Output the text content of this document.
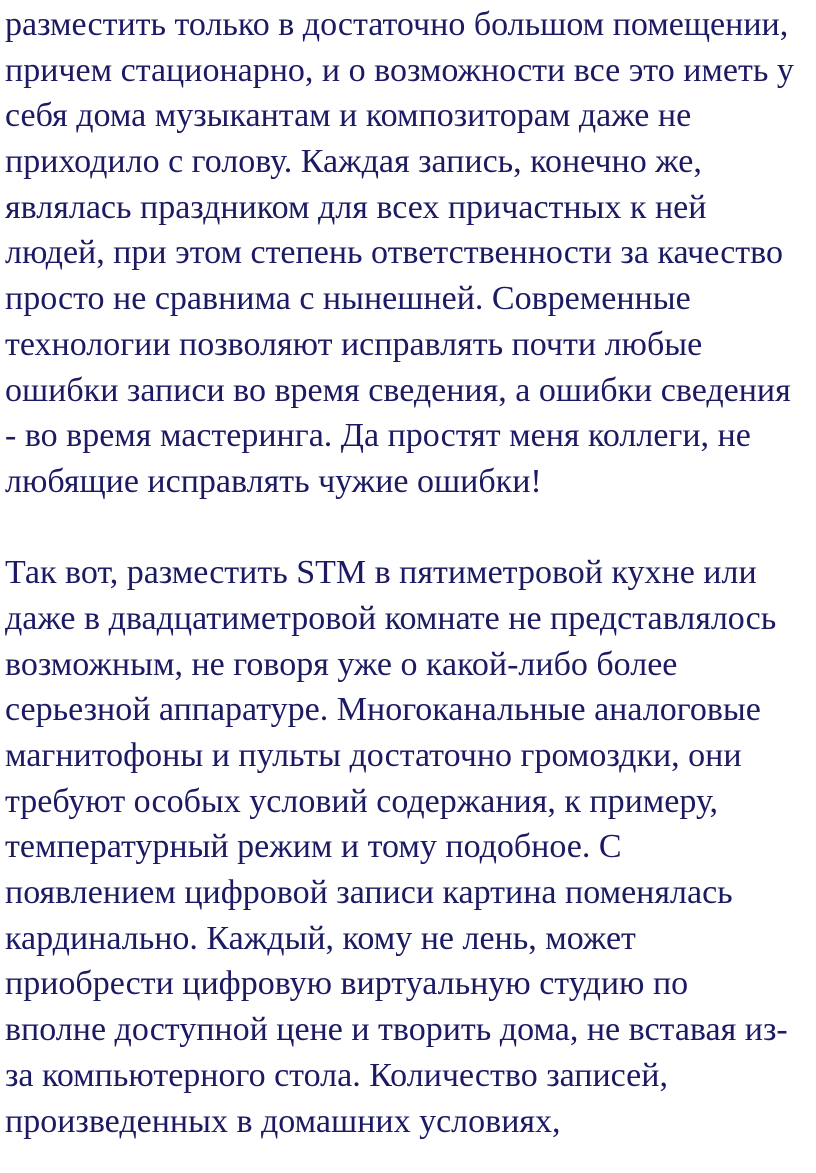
разместить только в достаточно большом помещении,
причем стационарно, и о возможности все это иметь у
себя дома музыкантам и композиторам даже не
приходило с голову. Каждая запись, конечно же,
являлась праздником для всех причастных к ней
людей, при этом степень ответственности за качество
просто не сравнима с нынешней. Современные
технологии позволяют исправлять почти любые
ошибки записи во время сведения, а ошибки сведения
- во время мастеринга. Да простят меня коллеги, не
любящие исправлять чужие ошибки!
Так вот, разместить STM в пятиметровой кухне или
даже в двадцатиметровой комнате не представлялось
возможным, не говоря уже о какой-либо более
серьезной аппаратуре. Многоканальные аналоговые
магнитофоны и пульты достаточно громоздки, они
требуют особых условий содержания, к примеру,
температурный режим и тому подобное. С
появлением цифровой записи картина поменялась
кардинально. Каждый, кому не лень, может
приобрести цифровую виртуальную студию по
вполне доступной цене и творить дома, не вставая из-
за компьютерного стола. Количество записей,
произведенных в домашних условиях,
